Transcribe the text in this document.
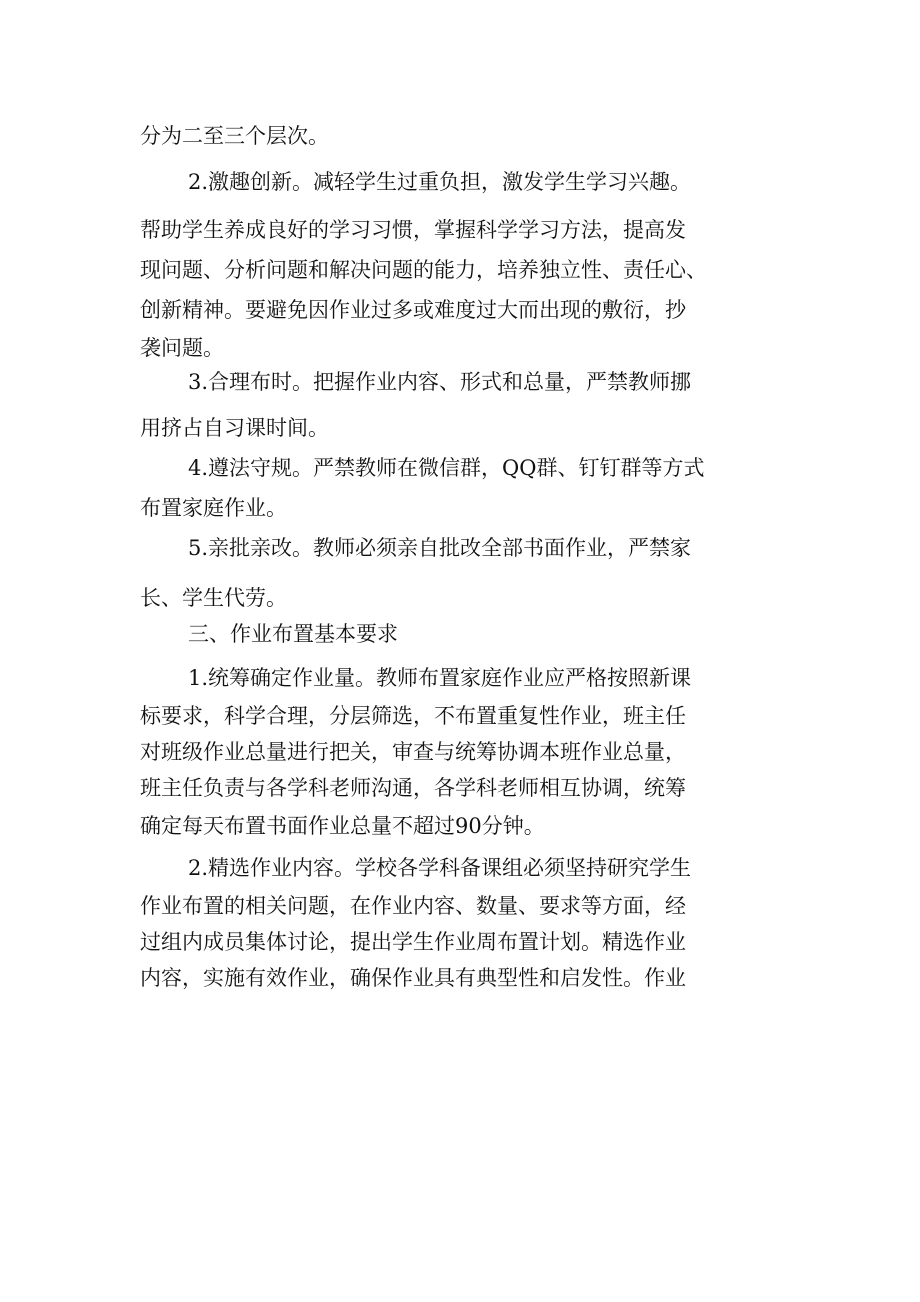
分为二至三个层次。

2.激趣创新。减轻学生过重负担，激发学生学习兴趣。

帮助学生养成良好的学习习惯，掌握科学学习方法，提高发

现问题、分析问题和解决问题的能力，培养独立性、责任心、

创新精神。要避免因作业过多或难度过大而出现的敷衍，抄

袭问题。

3.合理布时。把握作业内容、形式和总量，严禁教师挪

用挤占自习课时间。

4.遵法守规。严禁教师在微信群，QQ群、钉钉群等方式

布置家庭作业。

5.亲批亲改。教师必须亲自批改全部书面作业，严禁家

长、学生代劳。

三、作业布置基本要求

1.统筹确定作业量。教师布置家庭作业应严格按照新课

标要求，科学合理，分层筛选，不布置重复性作业，班主任

对班级作业总量进行把关，审查与统筹协调本班作业总量，

班主任负责与各学科老师沟通，各学科老师相互协调，统筹

确定每天布置书面作业总量不超过90分钟。

2.精选作业内容。学校各学科备课组必须坚持研究学生

作业布置的相关问题，在作业内容、数量、要求等方面，经

过组内成员集体讨论，提出学生作业周布置计划。精选作业

内容，实施有效作业，确保作业具有典型性和启发性。作业
